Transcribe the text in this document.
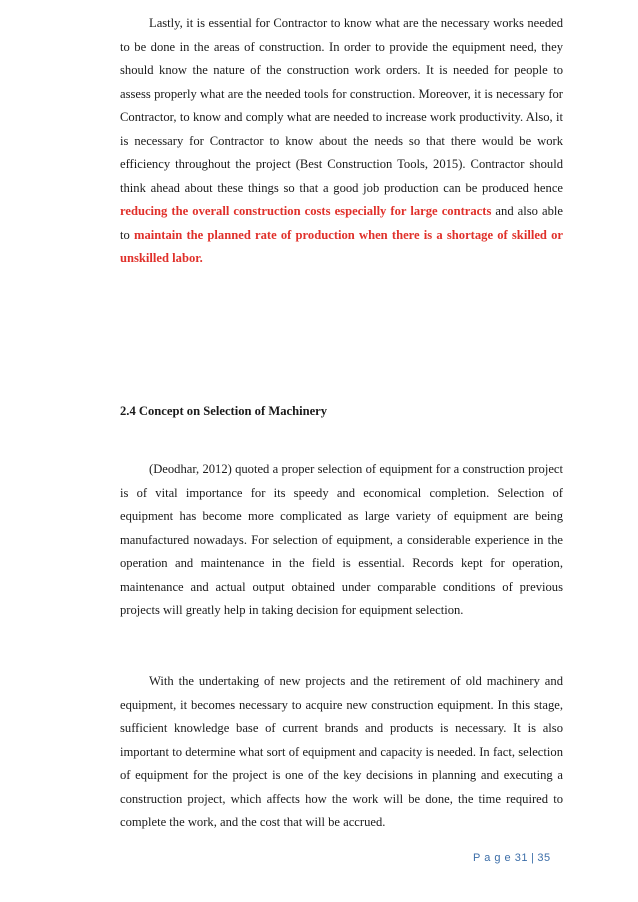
Lastly, it is essential for Contractor to know what are the necessary works needed to be done in the areas of construction. In order to provide the equipment need, they should know the nature of the construction work orders. It is needed for people to assess properly what are the needed tools for construction. Moreover, it is necessary for Contractor, to know and comply what are needed to increase work productivity. Also, it is necessary for Contractor to know about the needs so that there would be work efficiency throughout the project (Best Construction Tools, 2015). Contractor should think ahead about these things so that a good job production can be produced hence reducing the overall construction costs especially for large contracts and also able to maintain the planned rate of production when there is a shortage of skilled or unskilled labor.

2.4 Concept on Selection of Machinery

(Deodhar, 2012) quoted a proper selection of equipment for a construction project is of vital importance for its speedy and economical completion. Selection of equipment has become more complicated as large variety of equipment are being manufactured nowadays. For selection of equipment, a considerable experience in the operation and maintenance in the field is essential. Records kept for operation, maintenance and actual output obtained under comparable conditions of previous projects will greatly help in taking decision for equipment selection.

With the undertaking of new projects and the retirement of old machinery and equipment, it becomes necessary to acquire new construction equipment. In this stage, sufficient knowledge base of current brands and products is necessary. It is also important to determine what sort of equipment and capacity is needed. In fact, selection of equipment for the project is one of the key decisions in planning and executing a construction project, which affects how the work will be done, the time required to complete the work, and the cost that will be accrued.

P a g e 31 | 35
